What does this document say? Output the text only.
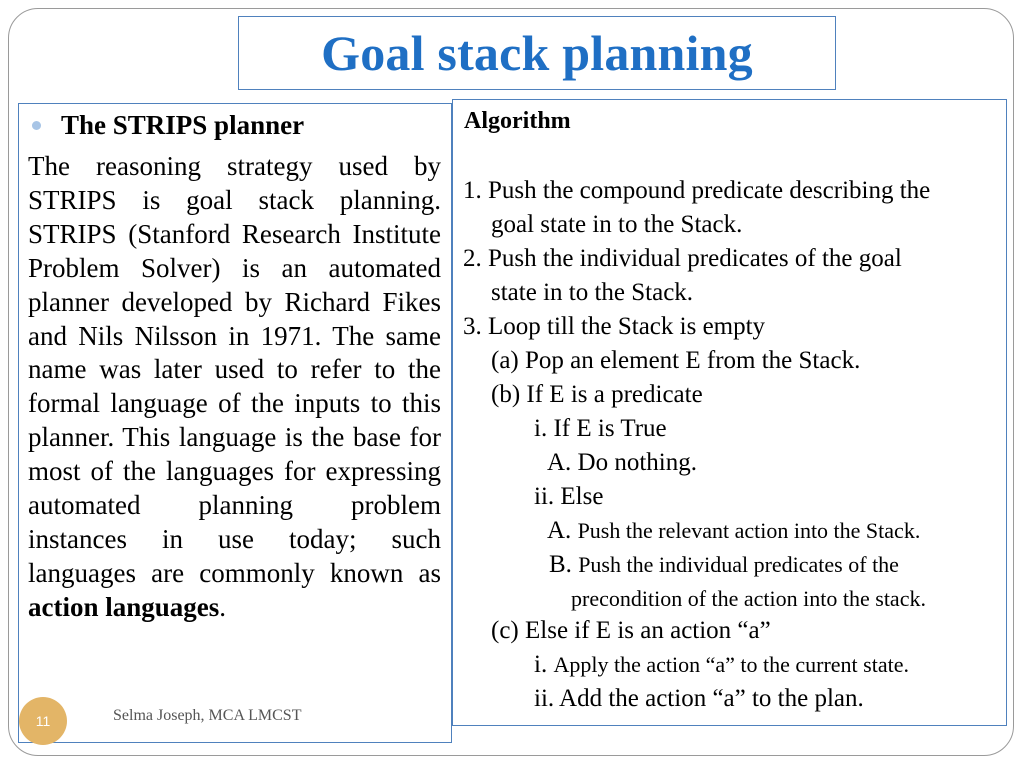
Goal stack planning
The STRIPS planner
The reasoning strategy used by STRIPS is goal stack planning. STRIPS (Stanford Research Institute Problem Solver) is an automated planner developed by Richard Fikes and Nils Nilsson in 1971. The same name was later used to refer to the formal language of the inputs to this planner. This language is the base for most of the languages for expressing automated planning problem instances in use today; such languages are commonly known as action languages.
Algorithm
1. Push the compound predicate describing the
goal state in to the Stack.
2. Push the individual predicates of the goal
state in to the Stack.
3. Loop till the Stack is empty
(a) Pop an element E from the Stack.
(b) If E is a predicate
i. If E is True
A. Do nothing.
ii. Else
A. Push the relevant action into the Stack.
B. Push the individual predicates of the
precondition of the action into the stack.
(c) Else if E is an action “a”
i. Apply the action “a” to the current state.
ii. Add the action “a” to the plan.
11	Selma Joseph, MCA LMCST
